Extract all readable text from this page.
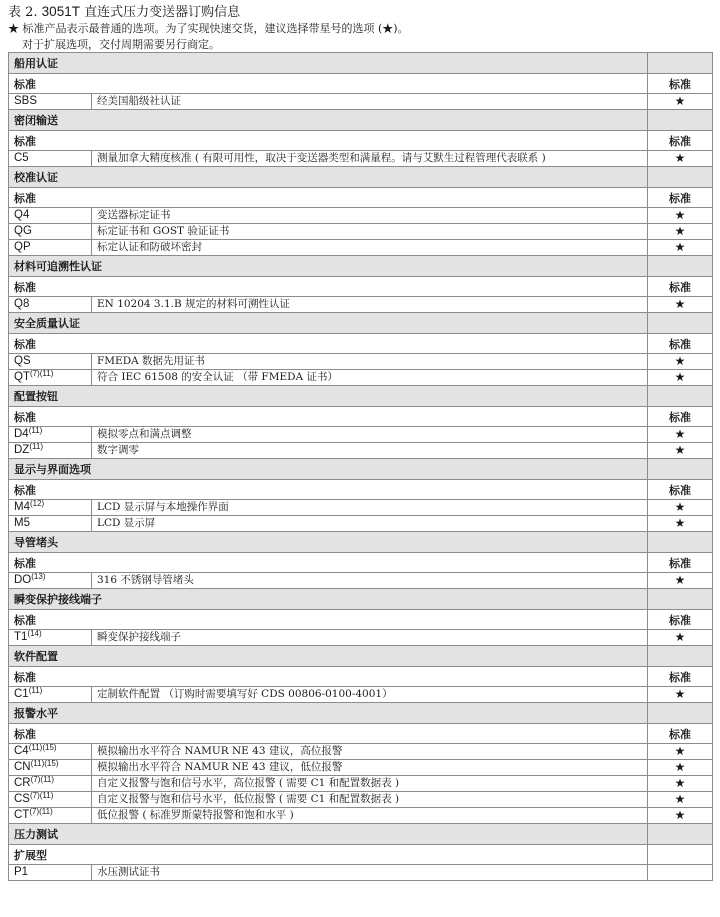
表 2. 3051T 直连式压力变送器订购信息
★ 标准产品表示最普通的选项。为了实现快速交货，建议选择带星号的选项 (★)。
对于扩展选项，交付周期需要另行商定。
船用认证		
标准		标准
SBS	经美国船级社认证	★
密闭输送		
标准		标准
C5	测量加拿大精度核准 ( 有限可用性，取决于变送器类型和满量程。请与艾默生过程管理代表联系 )	★
校准认证		
标准		标准
Q4	变送器标定证书	★
QG	标定证书和 GOST 验证证书	★
QP	标定认证和防破坏密封	★
材料可追溯性认证		
标准		标准
Q8	EN 10204 3.1.B 规定的材料可溯性认证	★
安全质量认证		
标准		标准
QS	FMEDA 数据先用证书	★
$QT^{(7)(11)}$	符合 IEC 61508 的安全认证 （带 FMEDA 证书）	★
配置按钮		
标准		标准
D4$^{(11)}$	模拟零点和满点调整	★
DZ$^{(11)}$	数字调零	★
显示与界面选项		
标准		标准
M4$^{(12)}$	LCD 显示屏与本地操作界面	★
M5	LCD 显示屏	★
导管堵头		
标准		标准
DO$^{(13)}$	316 不锈钢导管堵头	★
瞬变保护接线端子		
标准		标准
T1$^{(14)}$	瞬变保护接线端子	★
软件配置		
标准		标准
C1$^{(11)}$	定制软件配置 （订购时需要填写好 CDS 00806-0100-4001）	★
报警水平		
标准		标准
$C4^{(11)(15)}$	模拟输出水平符合 NAMUR NE 43 建议，高位报警	★
$CN^{(11)(15)}$	模拟输出水平符合 NAMUR NE 43 建议，低位报警	★
$CR^{(7)(11)}$	自定义报警与饱和信号水平，高位报警 ( 需要 C1 和配置数据表 )	★
$CS^{(7)(11)}$	自定义报警与饱和信号水平，低位报警 ( 需要 C1 和配置数据表 )	★
$CT^{(7)(11)}$	低位报警 ( 标准罗斯蒙特报警和饱和水平 )	★
压力测试		
扩展型		
P1	水压测试证书	
